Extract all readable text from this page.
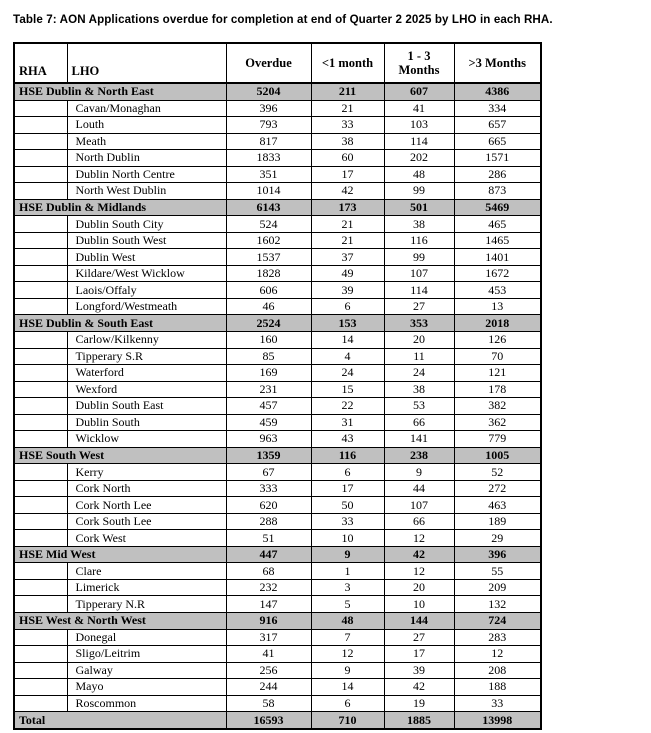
Table 7: AON Applications overdue for completion at end of Quarter 2 2025 by LHO in each RHA.
RHA	LHO	Overdue	<1 month	1 - 3 Months	>3 Months
HSE Dublin & North East		5204	211	607	4386
	Cavan/Monaghan	396	21	41	334
	Louth	793	33	103	657
	Meath	817	38	114	665
	North Dublin	1833	60	202	1571
	Dublin North Centre	351	17	48	286
	North West Dublin	1014	42	99	873
HSE Dublin & Midlands		6143	173	501	5469
	Dublin South City	524	21	38	465
	Dublin South West	1602	21	116	1465
	Dublin West	1537	37	99	1401
	Kildare/West Wicklow	1828	49	107	1672
	Laois/Offaly	606	39	114	453
	Longford/Westmeath	46	6	27	13
HSE Dublin & South East		2524	153	353	2018
	Carlow/Kilkenny	160	14	20	126
	Tipperary S.R	85	4	11	70
	Waterford	169	24	24	121
	Wexford	231	15	38	178
	Dublin South East	457	22	53	382
	Dublin South	459	31	66	362
	Wicklow	963	43	141	779
HSE South West		1359	116	238	1005
	Kerry	67	6	9	52
	Cork North	333	17	44	272
	Cork North Lee	620	50	107	463
	Cork South Lee	288	33	66	189
	Cork West	51	10	12	29
HSE Mid West		447	9	42	396
	Clare	68	1	12	55
	Limerick	232	3	20	209
	Tipperary N.R	147	5	10	132
HSE West & North West		916	48	144	724
	Donegal	317	7	27	283
	Sligo/Leitrim	41	12	17	12
	Galway	256	9	39	208
	Mayo	244	14	42	188
	Roscommon	58	6	19	33
Total		16593	710	1885	13998
